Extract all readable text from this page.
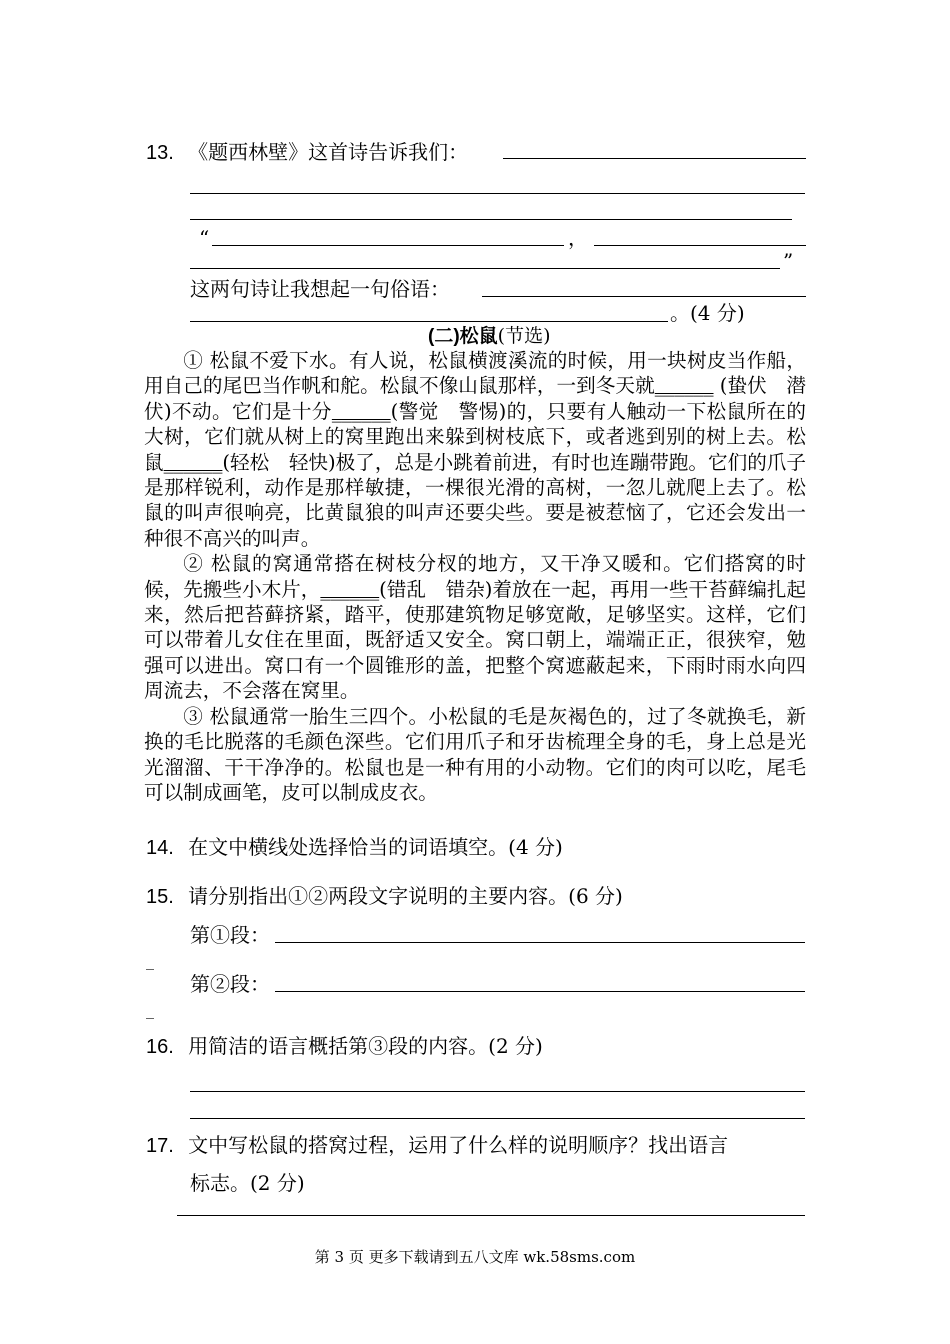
13. 《题西林壁》这首诗告诉我们：
“	，
”
这两句诗让我想起一句俗语：
。(4 分)
(二)松鼠(节选)

① 松鼠不爱下水。有人说，松鼠横渡溪流的时候，用一块树皮当作船，用自己的尾巴当作帆和舵。松鼠不像山鼠那样，一到冬天就______ (蛰伏　潜伏)不动。它们是十分______(警觉　警惕)的，只要有人触动一下松鼠所在的大树，它们就从树上的窝里跑出来躲到树枝底下，或者逃到别的树上去。松鼠______(轻松　轻快)极了，总是小跳着前进，有时也连蹦带跑。它们的爪子是那样锐利，动作是那样敏捷，一棵很光滑的高树，一忽儿就爬上去了。松鼠的叫声很响亮，比黄鼠狼的叫声还要尖些。要是被惹恼了，它还会发出一种很不高兴的叫声。

② 松鼠的窝通常搭在树枝分杈的地方，又干净又暖和。它们搭窝的时候，先搬些小木片，______(错乱　错杂)着放在一起，再用一些干苔藓编扎起来，然后把苔藓挤紧，踏平，使那建筑物足够宽敞，足够坚实。这样，它们可以带着儿女住在里面，既舒适又安全。窝口朝上，端端正正，很狭窄，勉强可以进出。窝口有一个圆锥形的盖，把整个窝遮蔽起来，下雨时雨水向四周流去，不会落在窝里。

③ 松鼠通常一胎生三四个。小松鼠的毛是灰褐色的，过了冬就换毛，新换的毛比脱落的毛颜色深些。它们用爪子和牙齿梳理全身的毛，身上总是光光溜溜、干干净净的。松鼠也是一种有用的小动物。它们的肉可以吃，尾毛可以制成画笔，皮可以制成皮衣。

14. 在文中横线处选择恰当的词语填空。(4 分)
15. 请分别指出①②两段文字说明的主要内容。(6 分)
第①段：
_
第②段：
_
16. 用简洁的语言概括第③段的内容。(2 分)
17. 文中写松鼠的搭窝过程，运用了什么样的说明顺序？找出语言
标志。(2 分)
第 3 页 更多下载请到五八文库 wk.58sms.com
